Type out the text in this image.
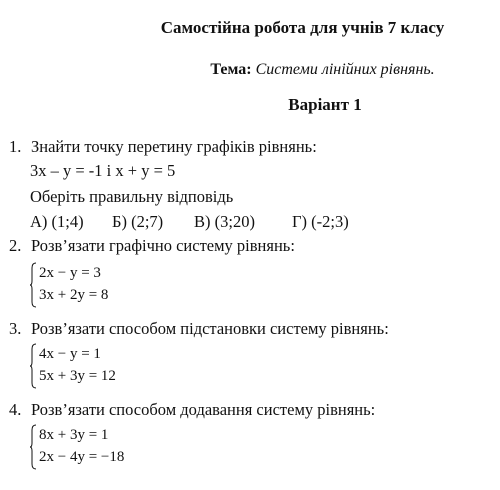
Самостійна робота для учнів 7 класу
Тема: Системи лінійних рівнянь.
Варіант 1
1. Знайти точку перетину графіків рівнянь:
3x – y = -1 і x + y = 5
Оберіть правильну відповідь
А) (1;4) Б) (2;7) В) (3;20) Г) (-2;3)
2. Розв’язати графічно систему рівнянь:
2x − y = 3
3x + 2y = 8
3. Розв’язати способом підстановки систему рівнянь:
4x − y = 1
5x + 3y = 12
4. Розв’язати способом додавання систему рівнянь:
8x + 3y = 1
2x − 4y = −18
